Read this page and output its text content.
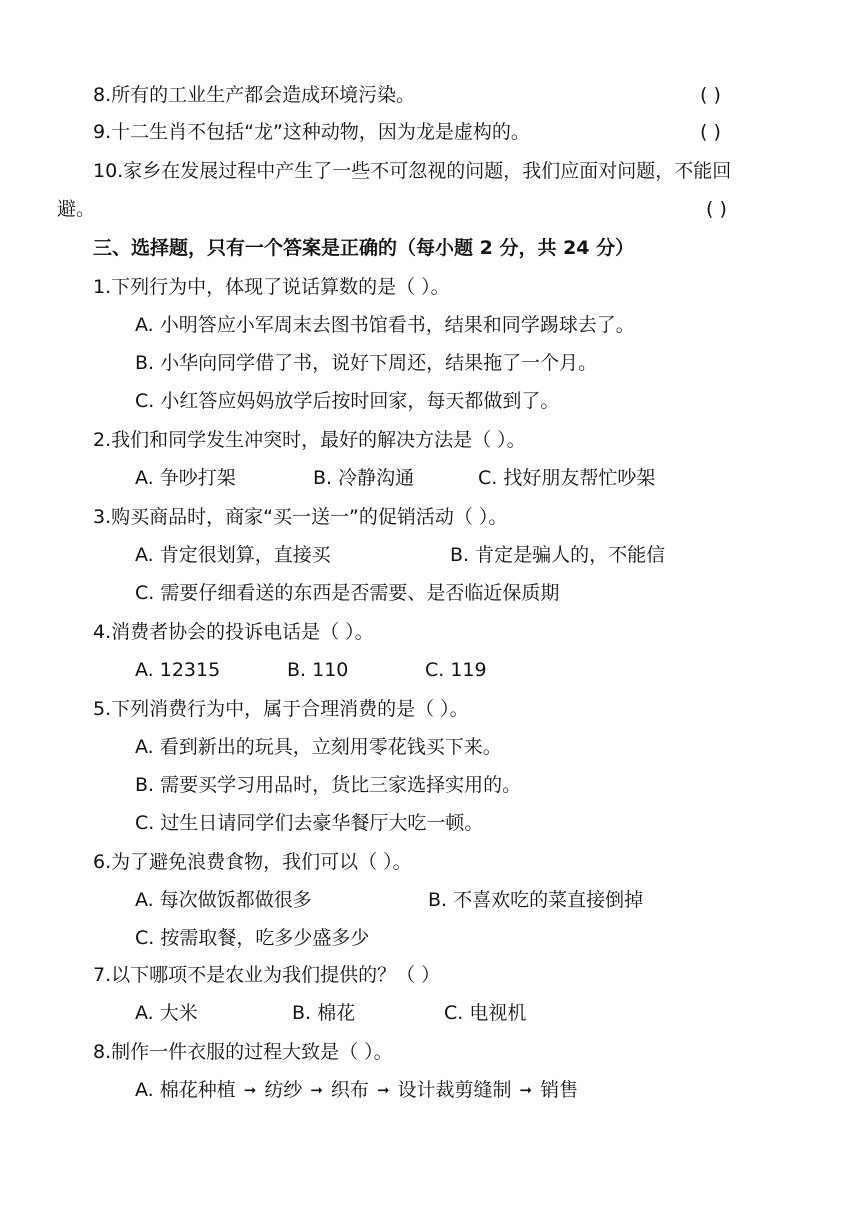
8.所有的工业生产都会造成环境污染。	( )
9.十二生肖不包括“龙”这种动物，因为龙是虚构的。	( )
10.家乡在发展过程中产生了一些不可忽视的问题，我们应面对问题，不能回
避。	( )
三、选择题，只有一个答案是正确的（每小题 2 分，共 24 分）
1.下列行为中，体现了说话算数的是（ ）。
A. 小明答应小军周末去图书馆看书，结果和同学踢球去了。
B. 小华向同学借了书，说好下周还，结果拖了一个月。
C. 小红答应妈妈放学后按时回家，每天都做到了。
2.我们和同学发生冲突时，最好的解决方法是（ ）。
A. 争吵打架	B. 冷静沟通	C. 找好朋友帮忙吵架
3.购买商品时，商家“买一送一”的促销活动（ ）。
A. 肯定很划算，直接买	B. 肯定是骗人的，不能信
C. 需要仔细看送的东西是否需要、是否临近保质期
4.消费者协会的投诉电话是（ ）。
A. 12315	B. 110	C. 119
5.下列消费行为中，属于合理消费的是（ ）。
A. 看到新出的玩具，立刻用零花钱买下来。
B. 需要买学习用品时，货比三家选择实用的。
C. 过生日请同学们去豪华餐厅大吃一顿。
6.为了避免浪费食物，我们可以（ ）。
A. 每次做饭都做很多	B. 不喜欢吃的菜直接倒掉
C. 按需取餐，吃多少盛多少
7.以下哪项不是农业为我们提供的？（ ）
A. 大米	B. 棉花	C. 电视机
8.制作一件衣服的过程大致是（ ）。
A. 棉花种植 ➞ 纺纱 ➞ 织布 ➞ 设计裁剪缝制 ➞ 销售
